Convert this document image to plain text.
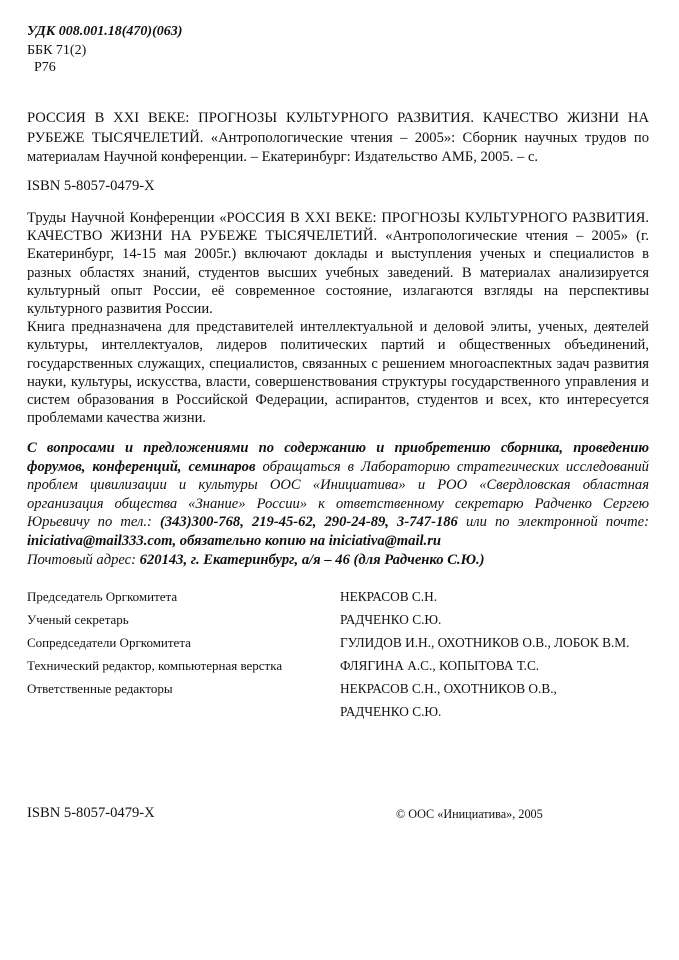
УДК 008.001.18(470)(063)
ББК 71(2)
Р76
РОССИЯ В XXI ВЕКЕ: ПРОГНОЗЫ КУЛЬТУРНОГО РАЗВИТИЯ. КАЧЕСТВО ЖИЗНИ НА РУБЕЖЕ ТЫСЯЧЕЛЕТИЙ. «Антропологические чтения – 2005»: Сборник научных трудов по материалам Научной конференции. – Екатеринбург: Издательство АМБ, 2005. – с.
ISBN 5-8057-0479-Х

Труды Научной Конференции «РОССИЯ В XXI ВЕКЕ: ПРОГНОЗЫ КУЛЬТУРНОГО РАЗВИТИЯ. КАЧЕСТВО ЖИЗНИ НА РУБЕЖЕ ТЫСЯЧЕЛЕТИЙ. «Антропологические чтения – 2005» (г. Екатеринбург, 14-15 мая 2005г.) включают доклады и выступления ученых и специалистов в разных областях знаний, студентов высших учебных заведений. В материалах анализируется культурный опыт России, её современное состояние, излагаются взгляды на перспективы культурного развития России.

Книга предназначена для представителей интеллектуальной и деловой элиты, ученых, деятелей культуры, интеллектуалов, лидеров политических партий и общественных объединений, государственных служащих, специалистов, связанных с решением многоаспектных задач развития науки, культуры, искусства, власти, совершенствования структуры государственного управления и систем образования в Российской Федерации, аспирантов, студентов и всех, кто интересуется проблемами качества жизни.

С вопросами и предложениями по содержанию и приобретению сборника, проведению форумов, конференций, семинаров обращаться в Лабораторию стратегических исследований проблем цивилизации и культуры ООС «Инициатива» и РОО «Свердловская областная организация общества «Знание» России» к ответственному секретарю Радченко Сергею Юрьевичу по тел.: (343)300-768, 219-45-62, 290-24-89, 3-747-186 или по электронной почте: iniciativa@mail333.com, обязательно копию на iniciativa@mail.ru

Почтовый адрес: 620143, г. Екатеринбург, а/я – 46 (для Радченко С.Ю.)

Председатель Оргкомитета	НЕКРАСОВ С.Н.
Ученый секретарь	РАДЧЕНКО С.Ю.
Сопредседатели Оргкомитета	ГУЛИДОВ И.Н., ОХОТНИКОВ О.В., ЛОБОК В.М.
Технический редактор, компьютерная верстка	ФЛЯГИНА А.С., КОПЫТОВА Т.С.
Ответственные редакторы	НЕКРАСОВ С.Н., ОХОТНИКОВ О.В.,
РАДЧЕНКО С.Ю.
ISBN 5-8057-0479-Х	© ООС «Инициатива», 2005
